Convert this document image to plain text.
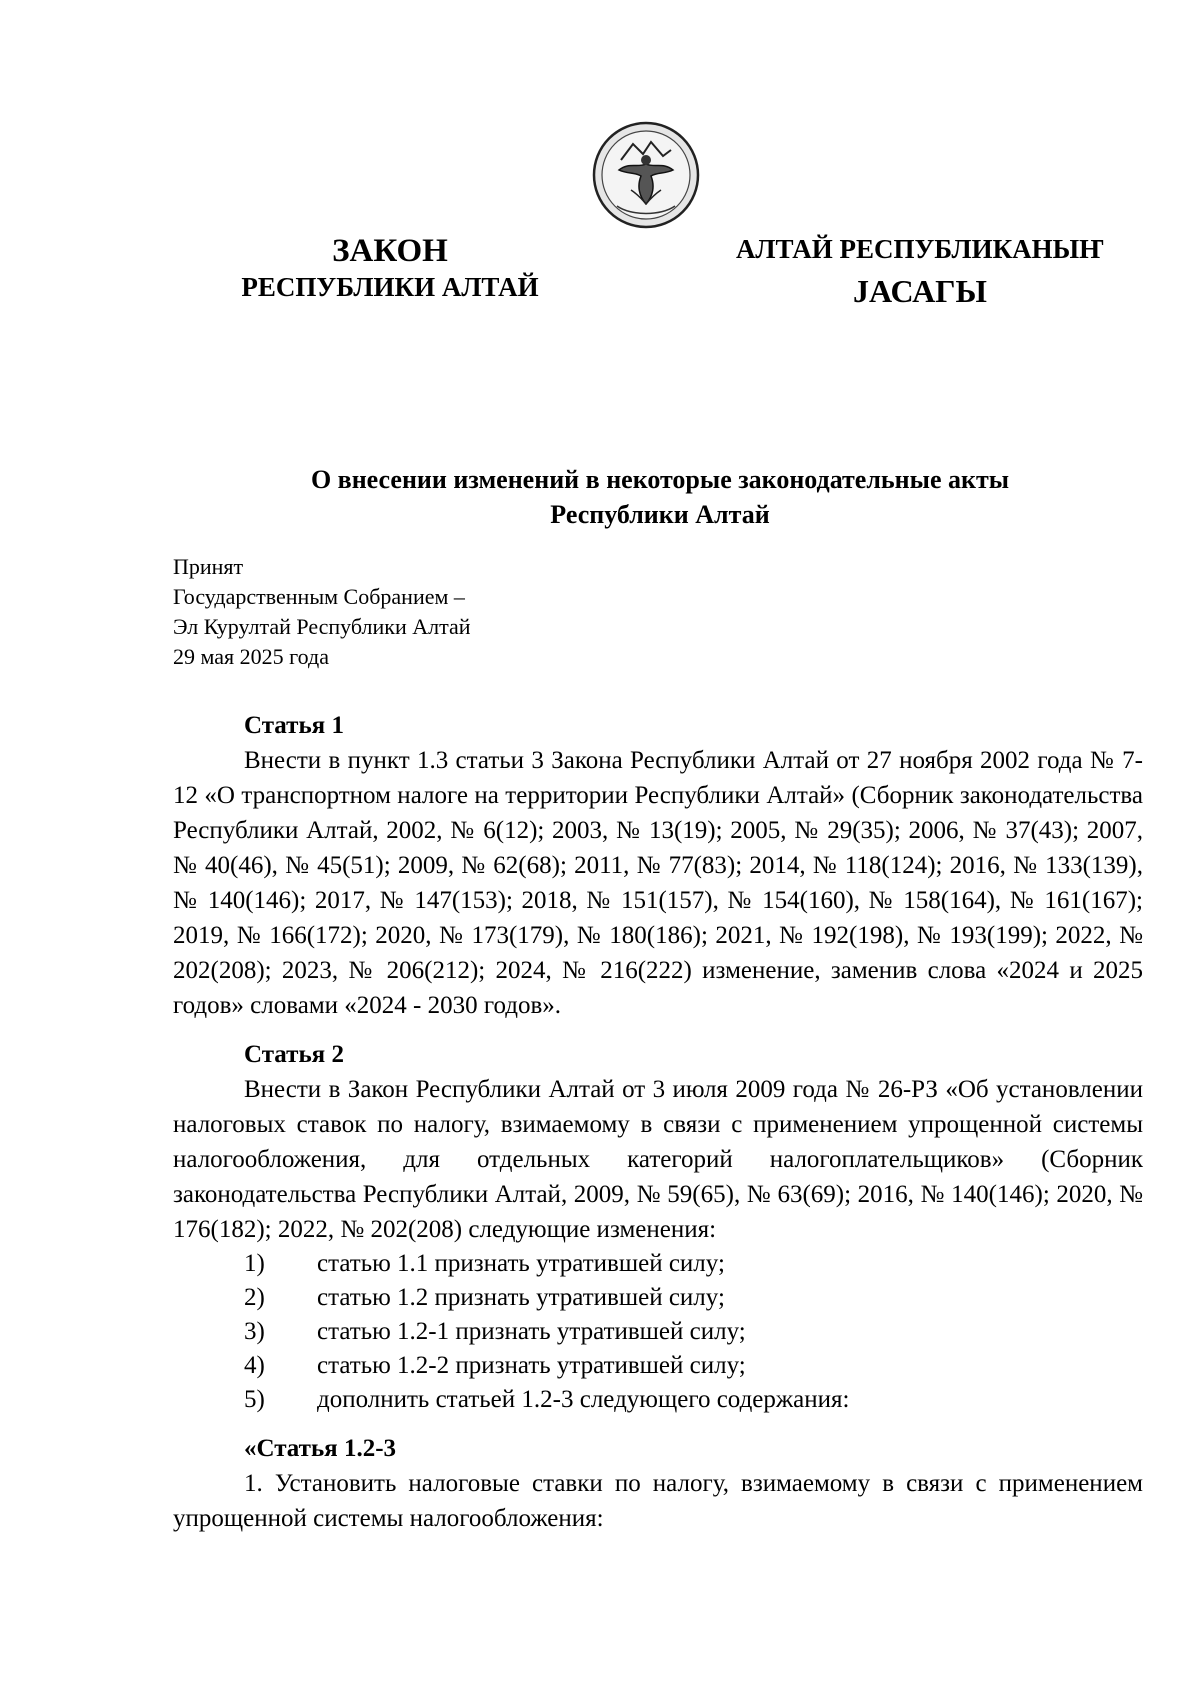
ЗАКОН
РЕСПУБЛИКИ АЛТАЙ
АЛТАЙ РЕСПУБЛИКАНЫҤ
ЈАСАГЫ
О внесении изменений в некоторые законодательные акты
Республики Алтай
Принят
Государственным Собранием –
Эл Курултай Республики Алтай
29 мая 2025 года
Статья 1

Внести в пункт 1.3 статьи 3 Закона Республики Алтай от 27 ноября 2002 года № 7-12 «О транспортном налоге на территории Республики Алтай» (Сборник законодательства Республики Алтай, 2002, № 6(12); 2003, № 13(19); 2005, № 29(35); 2006, № 37(43); 2007, № 40(46), № 45(51); 2009, № 62(68); 2011, № 77(83); 2014, № 118(124); 2016, № 133(139), № 140(146); 2017, № 147(153); 2018, № 151(157), № 154(160), № 158(164), № 161(167); 2019, № 166(172); 2020, № 173(179), № 180(186); 2021, № 192(198), № 193(199); 2022, № 202(208); 2023, № 206(212); 2024, № 216(222) изменение, заменив слова «2024 и 2025 годов» словами «2024 - 2030 годов».

Статья 2

Внести в Закон Республики Алтай от 3 июля 2009 года № 26-РЗ «Об установлении налоговых ставок по налогу, взимаемому в связи с применением упрощенной системы налогообложения, для отдельных категорий налогоплательщиков» (Сборник законодательства Республики Алтай, 2009, № 59(65), № 63(69); 2016, № 140(146); 2020, № 176(182); 2022, № 202(208) следующие изменения:

1)	статью 1.1 признать утратившей силу;
2)	статью 1.2 признать утратившей силу;
3)	статью 1.2-1 признать утратившей силу;
4)	статью 1.2-2 признать утратившей силу;
5)	дополнить статьей 1.2-3 следующего содержания:
«Статья 1.2-3

1. Установить налоговые ставки по налогу, взимаемому в связи с применением упрощенной системы налогообложения:
